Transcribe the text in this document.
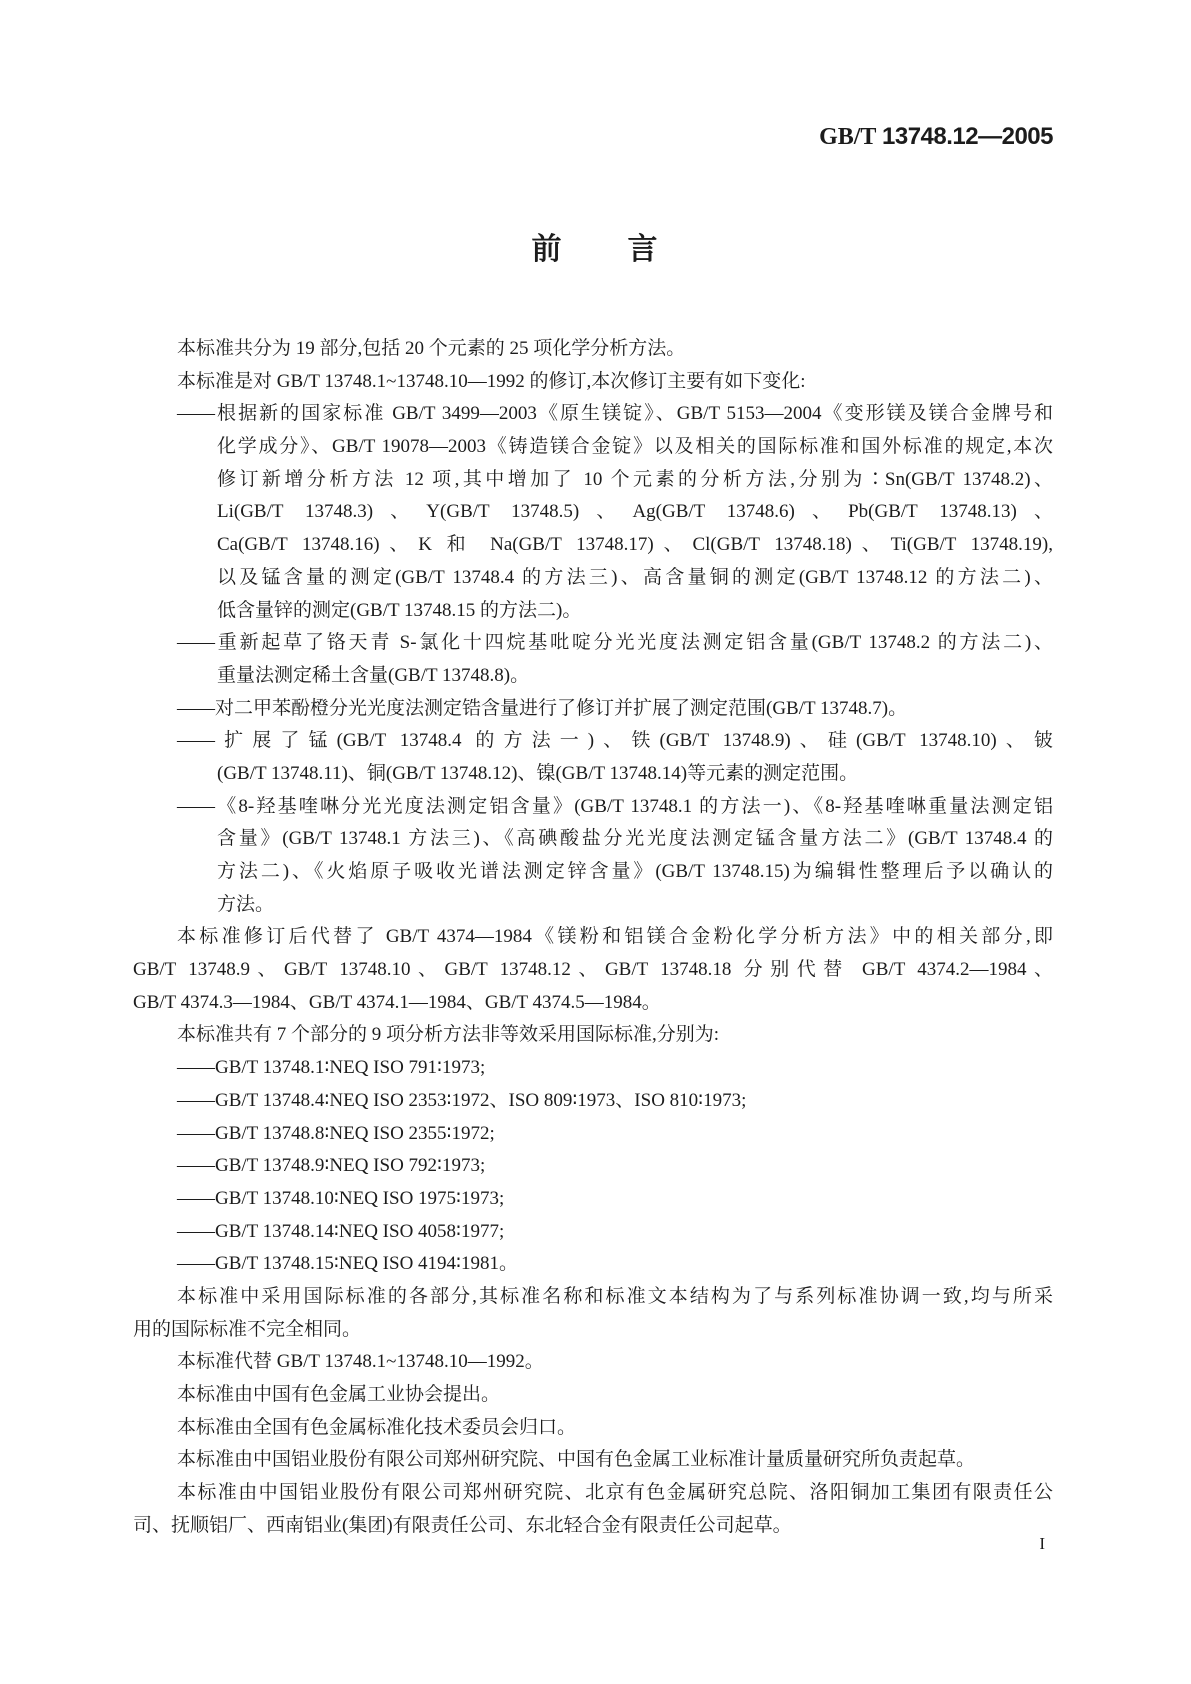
GB/T 13748.12—2005
前　　言
本标准共分为 19 部分,包括 20 个元素的 25 项化学分析方法。
本标准是对 GB/T 13748.1~13748.10—1992 的修订,本次修订主要有如下变化:
——根据新的国家标准 GB/T 3499—2003《原生镁锭》、GB/T 5153—2004《变形镁及镁合金牌号和
化学成分》、GB/T 19078—2003《铸造镁合金锭》以及相关的国际标准和国外标准的规定,本次
修订新增分析方法 12 项,其中增加了 10 个元素的分析方法,分别为∶Sn(GB/T 13748.2)、
Li(GB/T 13748.3)、Y(GB/T 13748.5)、Ag(GB/T 13748.6)、Pb(GB/T 13748.13)、
Ca(GB/T 13748.16)、K 和 Na(GB/T 13748.17)、Cl(GB/T 13748.18)、Ti(GB/T 13748.19),
以及锰含量的测定(GB/T 13748.4 的方法三)、高含量铜的测定(GB/T 13748.12 的方法二)、
低含量锌的测定(GB/T 13748.15 的方法二)。
——重新起草了铬天青 S-氯化十四烷基吡啶分光光度法测定铝含量(GB/T 13748.2 的方法二)、
重量法测定稀土含量(GB/T 13748.8)。
——对二甲苯酚橙分光光度法测定锆含量进行了修订并扩展了测定范围(GB/T 13748.7)。
——扩展了锰(GB/T 13748.4 的方法一)、铁(GB/T 13748.9)、硅(GB/T 13748.10)、铍
(GB/T 13748.11)、铜(GB/T 13748.12)、镍(GB/T 13748.14)等元素的测定范围。
——《8-羟基喹啉分光光度法测定铝含量》(GB/T 13748.1 的方法一)、《8-羟基喹啉重量法测定铝
含量》(GB/T 13748.1 方法三)、《高碘酸盐分光光度法测定锰含量方法二》(GB/T 13748.4 的
方法二)、《火焰原子吸收光谱法测定锌含量》(GB/T 13748.15)为编辑性整理后予以确认的
方法。
本标准修订后代替了 GB/T 4374—1984《镁粉和铝镁合金粉化学分析方法》中的相关部分,即
GB/T 13748.9、GB/T 13748.10、GB/T 13748.12、GB/T 13748.18 分别代替 GB/T 4374.2—1984、
GB/T 4374.3—1984、GB/T 4374.1—1984、GB/T 4374.5—1984。
本标准共有 7 个部分的 9 项分析方法非等效采用国际标准,分别为:
——GB/T 13748.1∶NEQ ISO 791∶1973;
——GB/T 13748.4∶NEQ ISO 2353∶1972、ISO 809∶1973、ISO 810∶1973;
——GB/T 13748.8∶NEQ ISO 2355∶1972;
——GB/T 13748.9∶NEQ ISO 792∶1973;
——GB/T 13748.10∶NEQ ISO 1975∶1973;
——GB/T 13748.14∶NEQ ISO 4058∶1977;
——GB/T 13748.15∶NEQ ISO 4194∶1981。
本标准中采用国际标准的各部分,其标准名称和标准文本结构为了与系列标准协调一致,均与所采
用的国际标准不完全相同。
本标准代替 GB/T 13748.1~13748.10—1992。
本标准由中国有色金属工业协会提出。
本标准由全国有色金属标准化技术委员会归口。
本标准由中国铝业股份有限公司郑州研究院、中国有色金属工业标准计量质量研究所负责起草。
本标准由中国铝业股份有限公司郑州研究院、北京有色金属研究总院、洛阳铜加工集团有限责任公
司、抚顺铝厂、西南铝业(集团)有限责任公司、东北轻合金有限责任公司起草。
I
